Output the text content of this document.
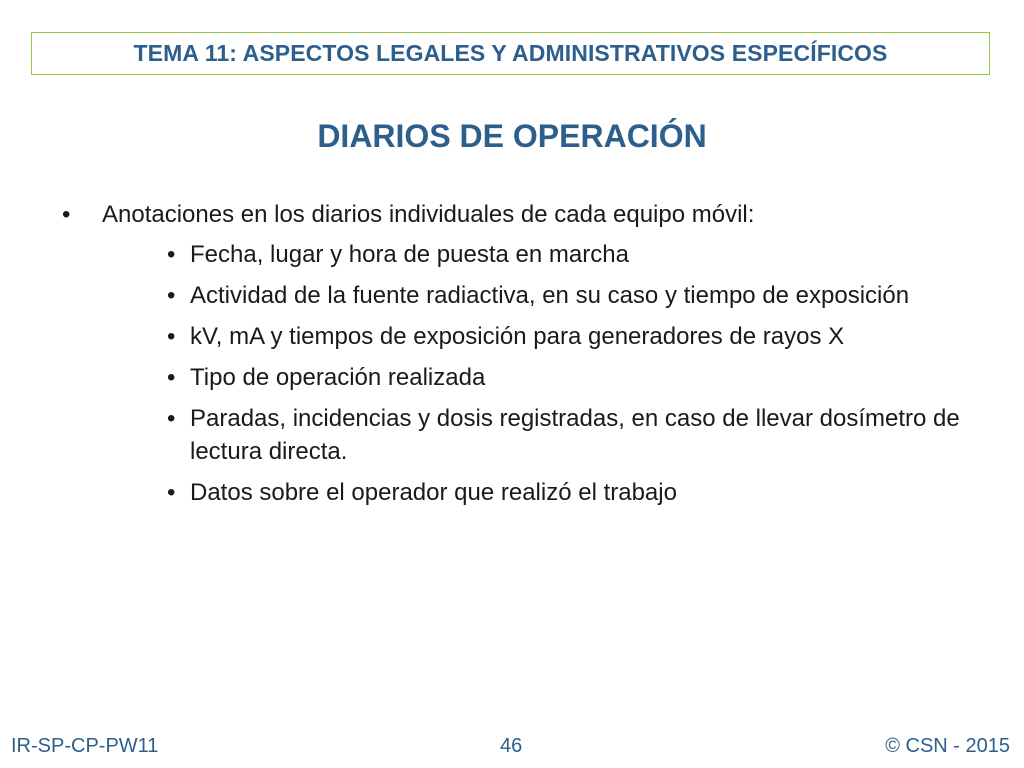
TEMA 11: ASPECTOS LEGALES Y ADMINISTRATIVOS ESPECÍFICOS
DIARIOS DE OPERACIÓN
• Anotaciones en los diarios individuales de cada equipo móvil:
• Fecha, lugar y hora de puesta en marcha
• Actividad de la fuente radiactiva, en su caso y tiempo de exposición
• kV, mA y tiempos de exposición para generadores de rayos X
• Tipo de operación realizada
• Paradas, incidencias y dosis registradas, en caso de llevar dosímetro de lectura directa.
• Datos sobre el operador que realizó el trabajo
IR-SP-CP-PW11	46	© CSN - 2015
